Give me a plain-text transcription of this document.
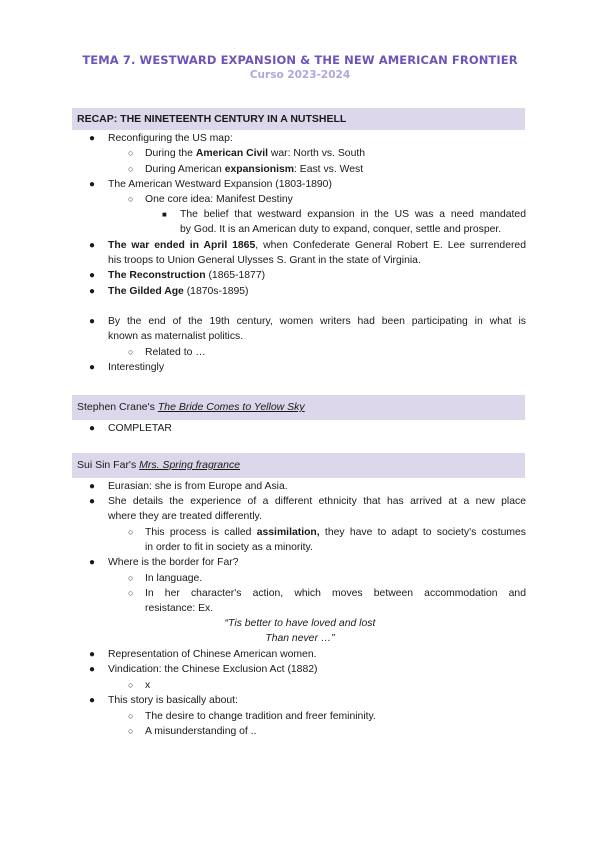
TEMA 7. WESTWARD EXPANSION & THE NEW AMERICAN FRONTIER
Curso 2023-2024
RECAP: THE NINETEENTH CENTURY IN A NUTSHELL
● Reconfiguring the US map:
○ During the American Civil war: North vs. South
○ During American expansionism: East vs. West
● The American Westward Expansion (1803-1890)
○ One core idea: Manifest Destiny
■ The belief that westward expansion in the US was a need mandated
by God. It is an American duty to expand, conquer, settle and prosper.
● The war ended in April 1865, when Confederate General Robert E. Lee surrendered
his troops to Union General Ulysses S. Grant in the state of Virginia.
● The Reconstruction (1865-1877)
● The Gilded Age (1870s-1895)
● By the end of the 19th century, women writers had been participating in what is
known as maternalist politics.
○ Related to …
● Interestingly
Stephen Crane's The Bride Comes to Yellow Sky
● COMPLETAR
Sui Sin Far's Mrs. Spring fragrance
● Eurasian: she is from Europe and Asia.
● She details the experience of a different ethnicity that has arrived at a new place
where they are treated differently.
○ This process is called assimilation, they have to adapt to society's costumes
in order to fit in society as a minority.
● Where is the border for Far?
○ In language.
○ In her character's action, which moves between accommodation and
resistance: Ex.
“Tis better to have loved and lost
Than never …”
● Representation of Chinese American women.
● Vindication: the Chinese Exclusion Act (1882)
○ x
● This story is basically about:
○ The desire to change tradition and freer femininity.
○ A misunderstanding of ..
